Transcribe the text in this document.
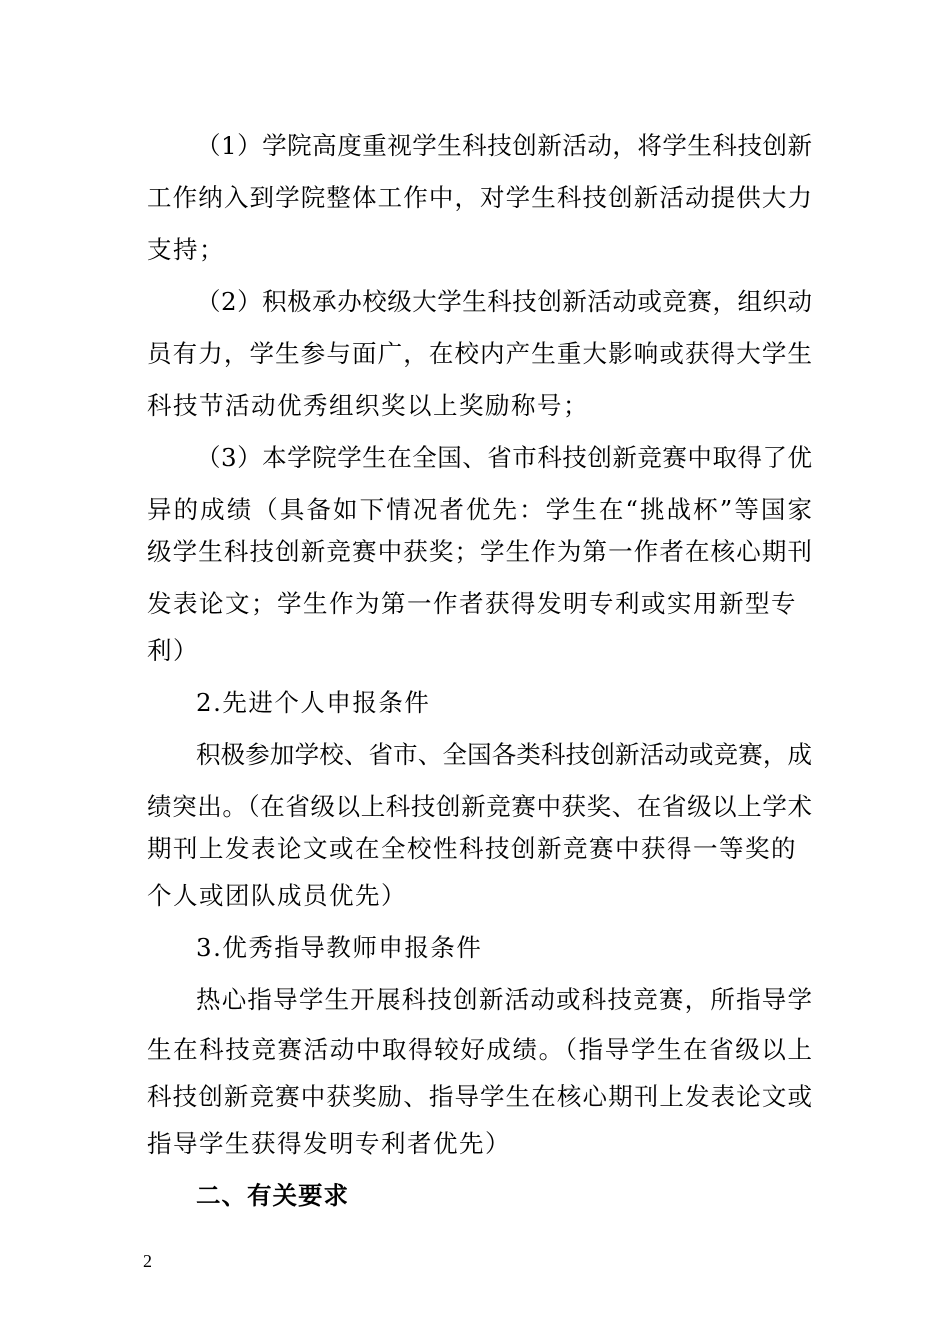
（1）学院高度重视学生科技创新活动，将学生科技创新
工作纳入到学院整体工作中，对学生科技创新活动提供大力
支持；
（2）积极承办校级大学生科技创新活动或竞赛，组织动
员有力，学生参与面广，在校内产生重大影响或获得大学生
科技节活动优秀组织奖以上奖励称号；
（3）本学院学生在全国、省市科技创新竞赛中取得了优
异的成绩（具备如下情况者优先：学生在“挑战杯”等国家
级学生科技创新竞赛中获奖；学生作为第一作者在核心期刊
发表论文；学生作为第一作者获得发明专利或实用新型专
利）
2.先进个人申报条件
积极参加学校、省市、全国各类科技创新活动或竞赛，成
绩突出。（在省级以上科技创新竞赛中获奖、在省级以上学术
期刊上发表论文或在全校性科技创新竞赛中获得一等奖的
个人或团队成员优先）
3.优秀指导教师申报条件
热心指导学生开展科技创新活动或科技竞赛，所指导学
生在科技竞赛活动中取得较好成绩。（指导学生在省级以上
科技创新竞赛中获奖励、指导学生在核心期刊上发表论文或
指导学生获得发明专利者优先）
二、有关要求
2
